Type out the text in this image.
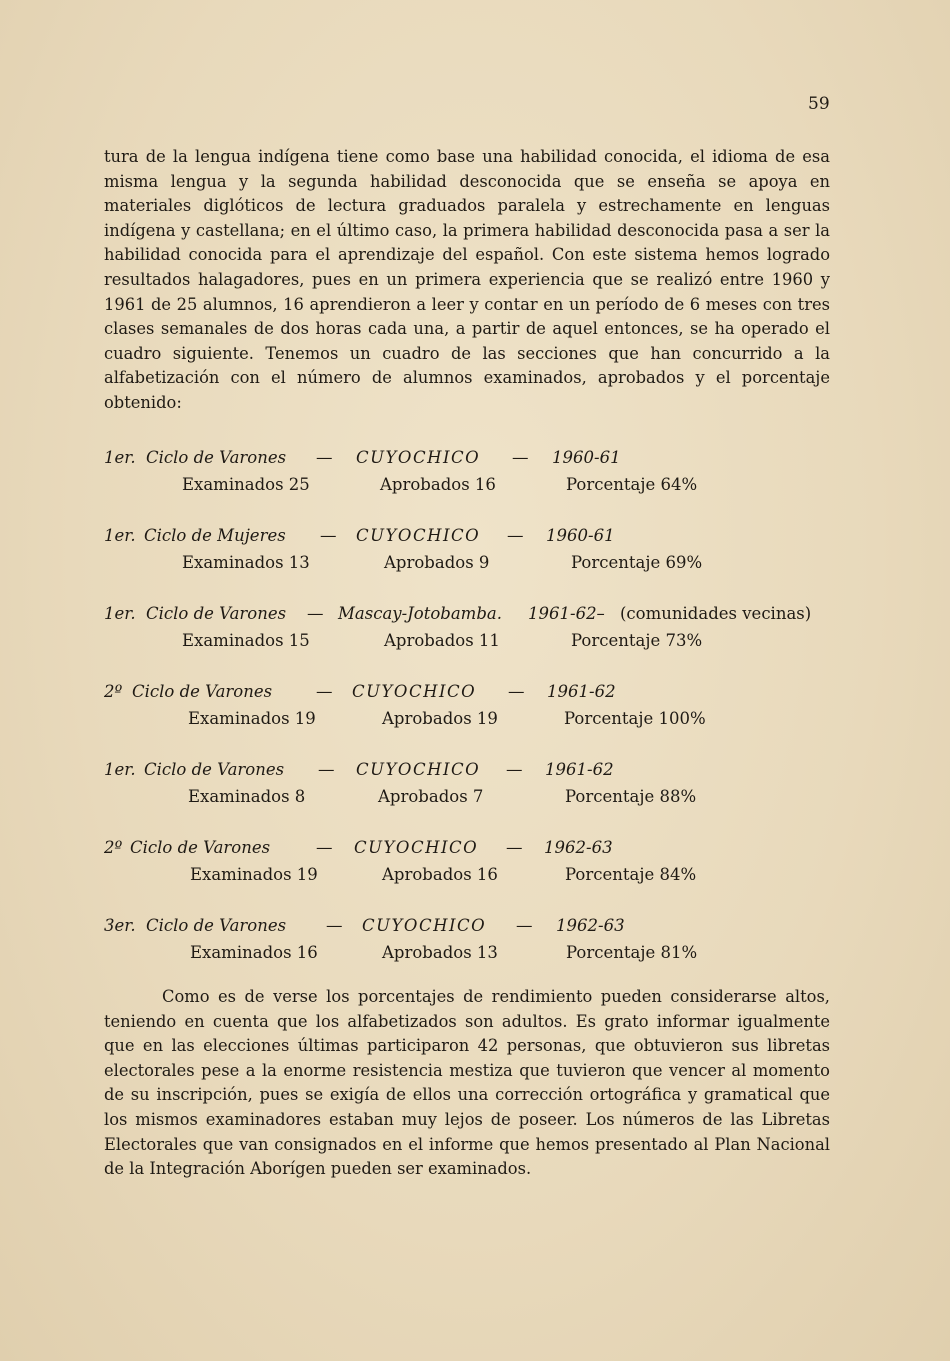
59

tura de la lengua indígena tiene como base una habilidad conocida, el idioma de esa misma lengua y la segunda habilidad desconocida que se enseña se apoya en materiales diglóticos de lectura graduados paralela y estrechamente en lenguas indígena y castellana; en el último caso, la primera habilidad desconocida pasa a ser la habilidad conocida para el aprendizaje del español. Con este sistema hemos logrado resultados halagadores, pues en un primera experiencia que se realizó entre 1960 y 1961 de 25 alumnos, 16 aprendieron a leer y contar en un período de 6 meses con tres clases semanales de dos horas cada una, a partir de aquel entonces, se ha operado el cuadro siguiente. Tenemos un cuadro de las secciones que han concurrido a la alfabetización con el número de alumnos examinados, aprobados y el porcentaje obtenido:

1er. Ciclo de Varones — CUYOCHICO — 1960-61
Examinados 25	Aprobados 16	Porcentaje 64%
1er. Ciclo de Mujeres — CUYOCHICO — 1960-61
Examinados 13	Aprobados 9	Porcentaje 69%
1er. Ciclo de Varones — Mascay-Jotobamba. 1961-62– (comunidades vecinas)
Examinados 15	Aprobados 11	Porcentaje 73%
2º Ciclo de Varones	— CUYOCHICO — 1961-62
Examinados 19	Aprobados 19	Porcentaje 100%
1er. Ciclo de Varones — CUYOCHICO — 1961-62
Examinados 8	Aprobados 7	Porcentaje 88%
2º Ciclo de Varones	— CUYOCHICO — 1962-63
Examinados 19	Aprobados 16	Porcentaje 84%
3er. Ciclo de Varones — CUYOCHICO — 1962-63
Examinados 16	Aprobados 13	Porcentaje 81%

Como es de verse los porcentajes de rendimiento pueden considerarse altos, teniendo en cuenta que los alfabetizados son adultos. Es grato informar igualmente que en las elecciones últimas participaron 42 personas, que obtuvieron sus libretas electorales pese a la enorme resistencia mestiza que tuvieron que vencer al momento de su inscripción, pues se exigía de ellos una corrección ortográfica y gramatical que los mismos examinadores estaban muy lejos de poseer. Los números de las Libretas Electorales que van consignados en el informe que hemos presentado al Plan Nacional de la Integración Aborígen pueden ser examinados.
